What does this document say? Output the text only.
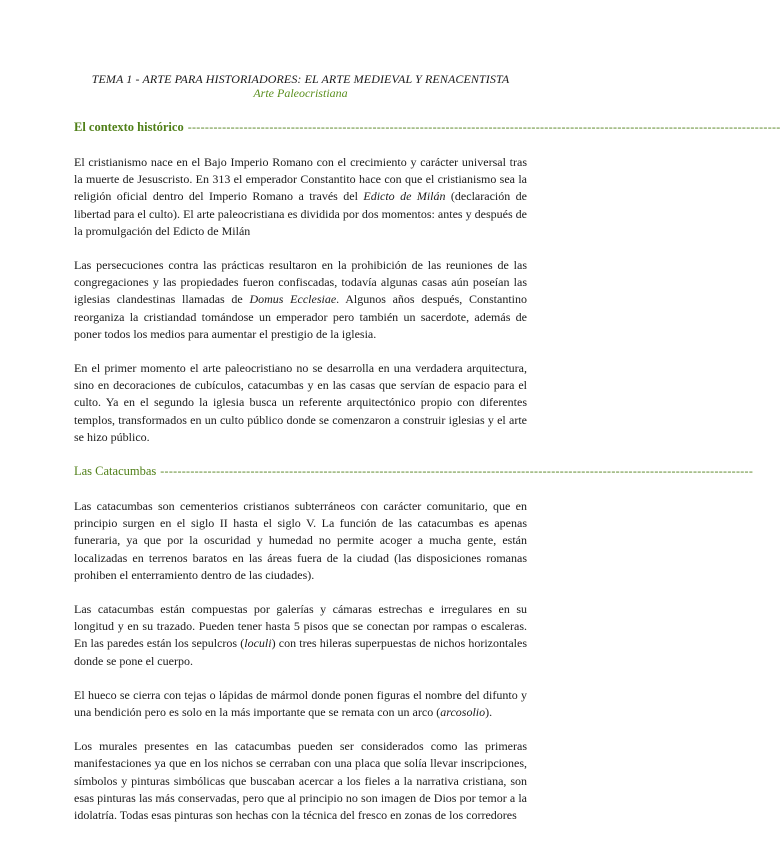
TEMA 1 - ARTE PARA HISTORIADORES: EL ARTE MEDIEVAL Y RENACENTISTA
Arte Paleocristiana
El contexto histórico ------------------------------------------------------------------------------------------------------------------------------------------

El cristianismo nace en el Bajo Imperio Romano con el crecimiento y carácter universal tras la muerte de Jesuscristo. En 313 el emperador Constantito hace con que el cristianismo sea la religión oficial dentro del Imperio Romano a través del Edicto de Milán (declaración de libertad para el culto). El arte paleocristiana es dividida por dos momentos: antes y después de la promulgación del Edicto de Milán

Las persecuciones contra las prácticas resultaron en la prohibición de las reuniones de las congregaciones y las propiedades fueron confiscadas, todavía algunas casas aún poseían las iglesias clandestinas llamadas de Domus Ecclesiae. Algunos años después, Constantino reorganiza la cristiandad tomándose un emperador pero también un sacerdote, además de poner todos los medios para aumentar el prestigio de la iglesia.

En el primer momento el arte paleocristiano no se desarrolla en una verdadera arquitectura, sino en decoraciones de cubículos, catacumbas y en las casas que servían de espacio para el culto. Ya en el segundo la iglesia busca un referente arquitectónico propio con diferentes templos, transformados en un culto público donde se comenzaron a construir iglesias y el arte se hizo público.

Las Catacumbas ------------------------------------------------------------------------------------------------------------------------------------------

Las catacumbas son cementerios cristianos subterráneos con carácter comunitario, que en principio surgen en el siglo II hasta el siglo V. La función de las catacumbas es apenas funeraria, ya que por la oscuridad y humedad no permite acoger a mucha gente, están localizadas en terrenos baratos en las áreas fuera de la ciudad (las disposiciones romanas prohiben el enterramiento dentro de las ciudades).

Las catacumbas están compuestas por galerías y cámaras estrechas e irregulares en su longitud y en su trazado. Pueden tener hasta 5 pisos que se conectan por rampas o escaleras. En las paredes están los sepulcros (loculi) con tres hileras superpuestas de nichos horizontales donde se pone el cuerpo.

El hueco se cierra con tejas o lápidas de mármol donde ponen figuras el nombre del difunto y una bendición pero es solo en la más importante que se remata con un arco (arcosolio).

Los murales presentes en las catacumbas pueden ser considerados como las primeras manifestaciones ya que en los nichos se cerraban con una placa que solía llevar inscripciones, símbolos y pinturas simbólicas que buscaban acercar a los fieles a la narrativa cristiana, son esas pinturas las más conservadas, pero que al principio no son imagen de Dios por temor a la idolatría. Todas esas pinturas son hechas con la técnica del fresco en zonas de los corredores
